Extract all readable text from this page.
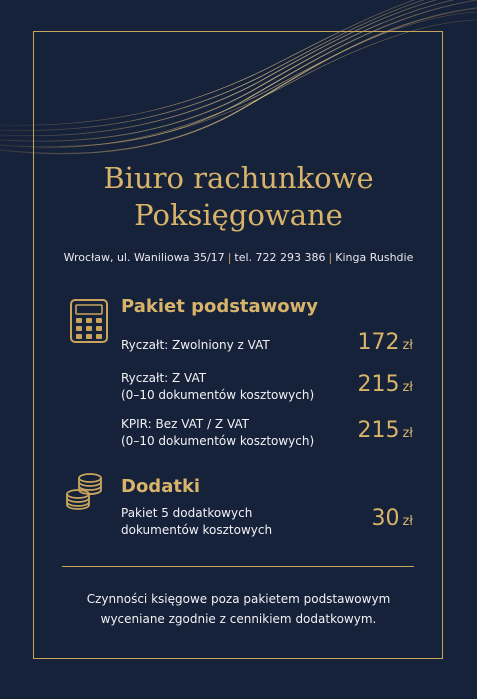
Biuro rachunkowe
Poksięgowane
Wrocław, ul. Waniliowa 35/17 | tel. 722 293 386 | Kinga Rushdie
Pakiet podstawowy
Ryczałt: Zwolniony z VAT	172 zł
Ryczałt: Z VAT
(0–10 dokumentów kosztowych) 215 zł
KPIR: Bez VAT / Z VAT
(0–10 dokumentów kosztowych) 215 zł
Dodatki
Pakiet 5 dodatkowych
dokumentów kosztowych	30 zł
Czynności księgowe poza pakietem podstawowym
wyceniane zgodnie z cennikiem dodatkowym.
